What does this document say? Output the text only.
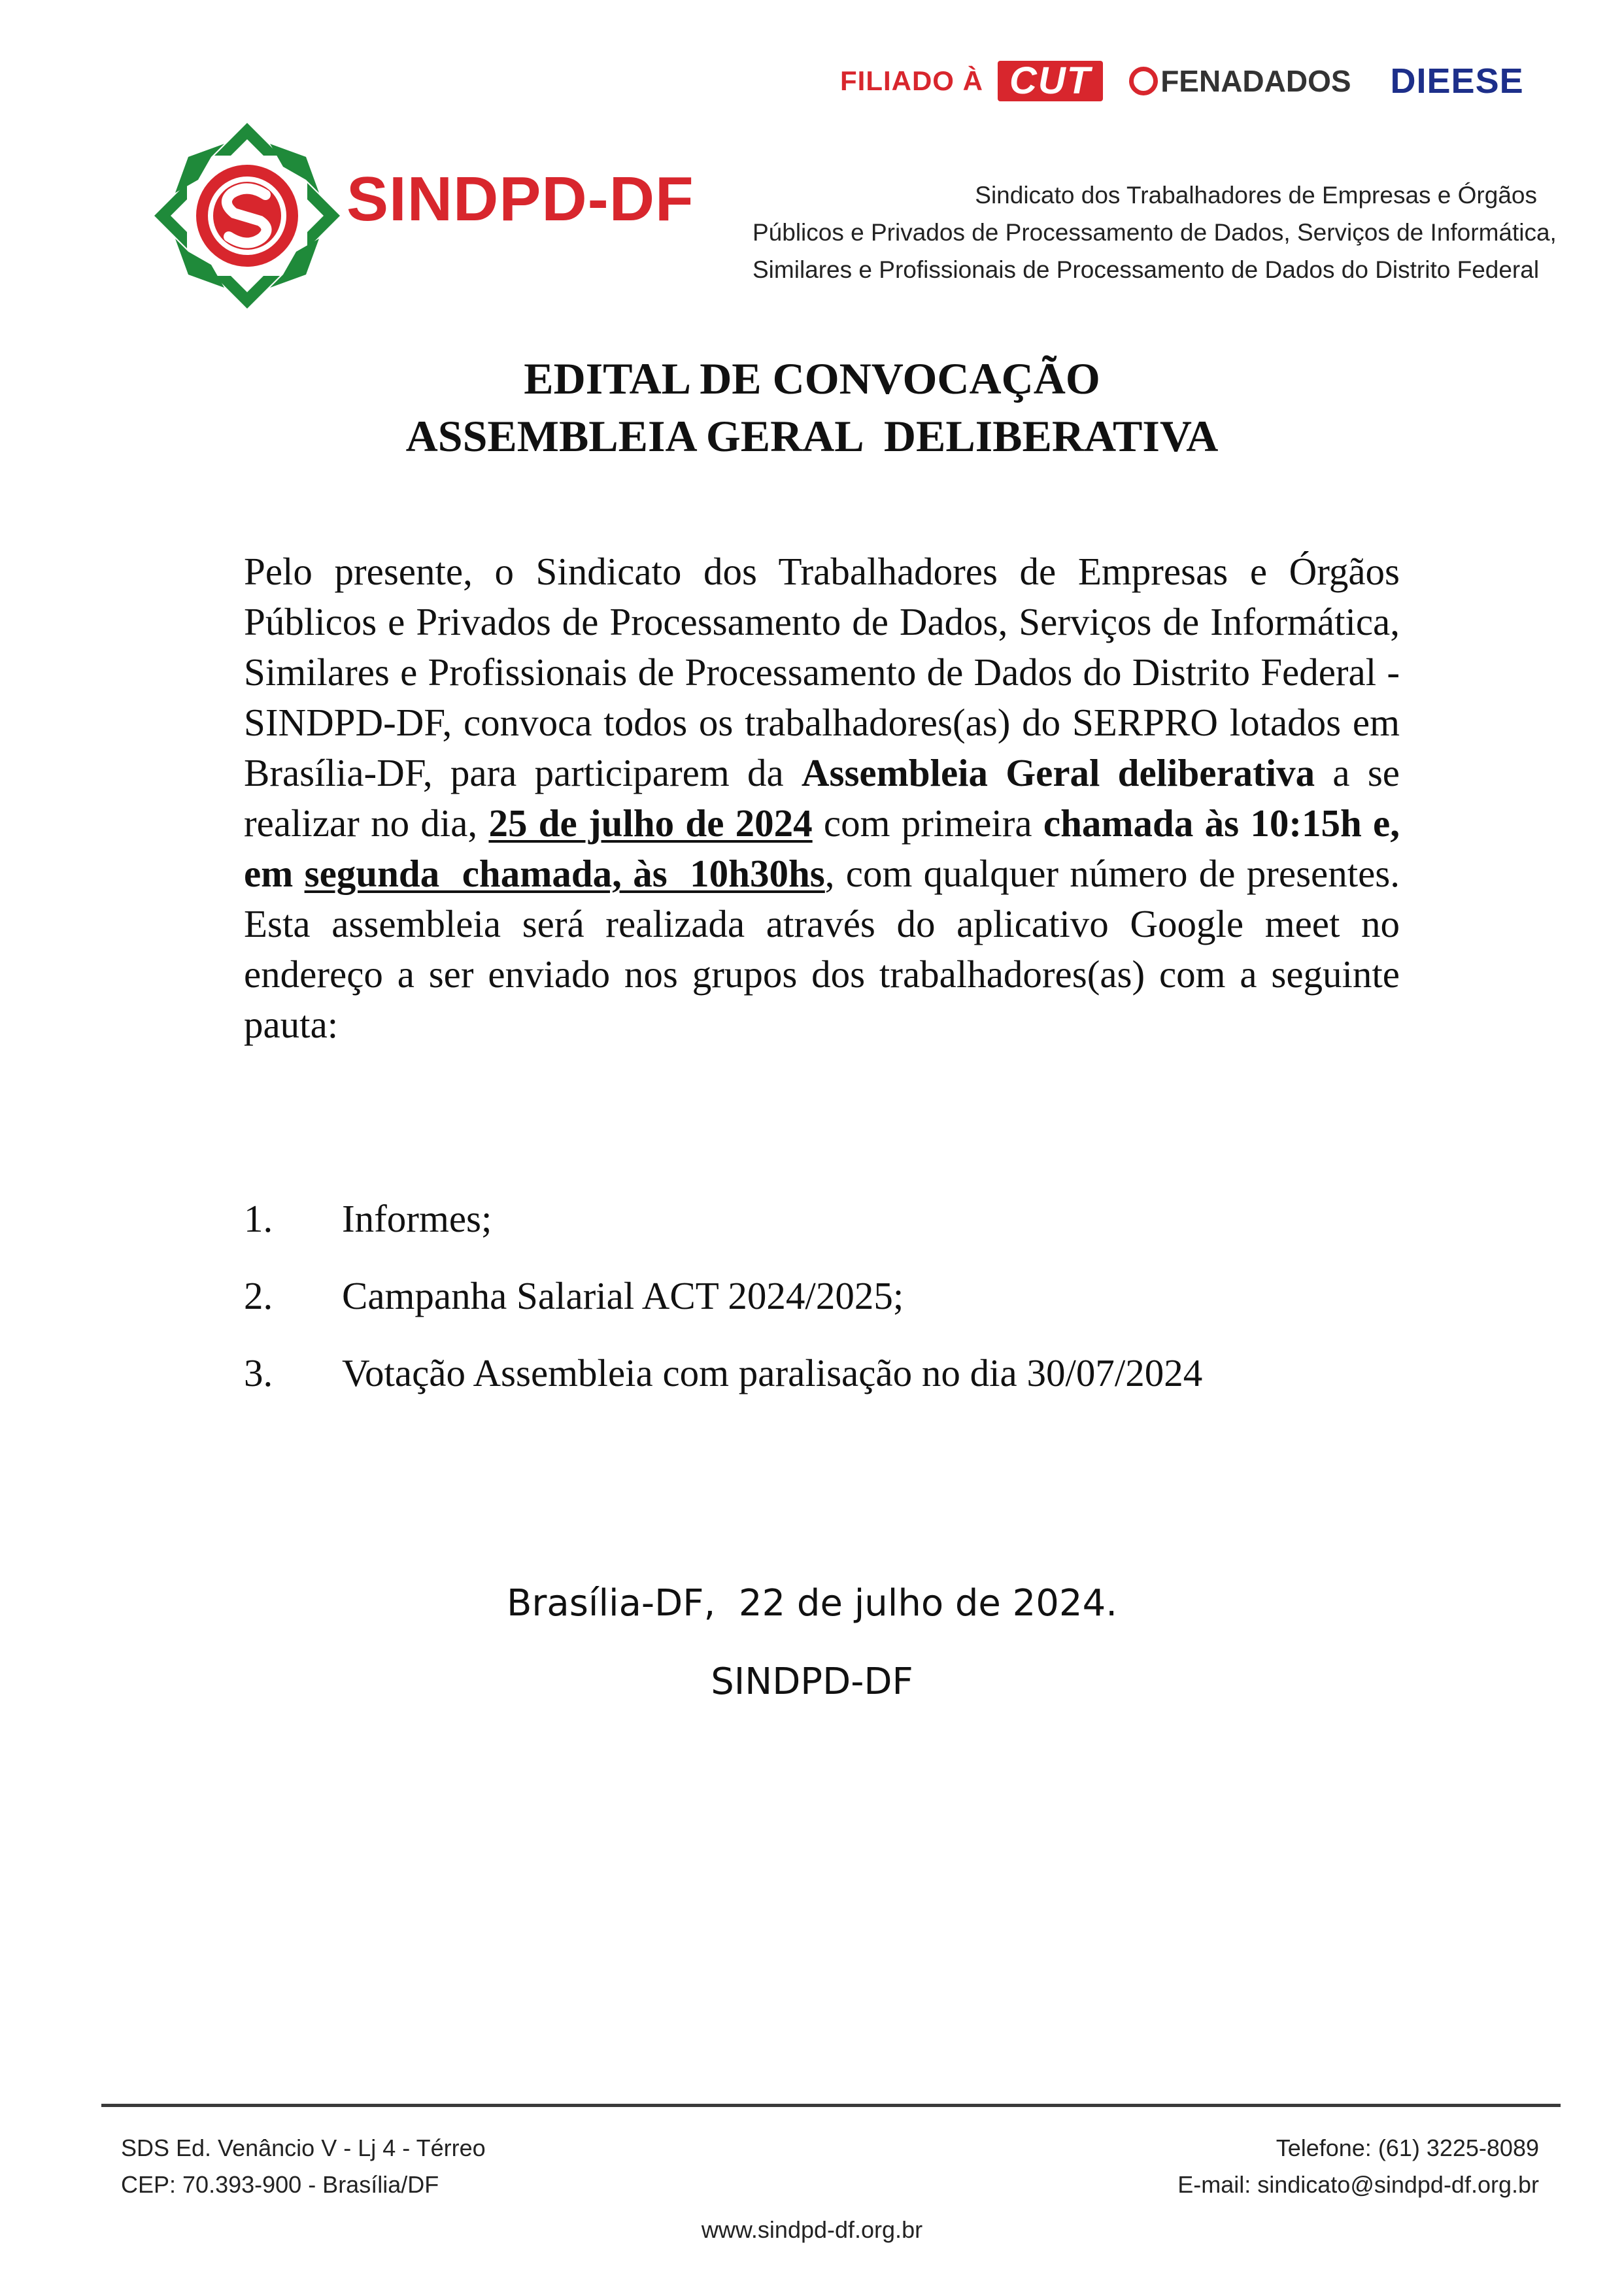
FILIADO À CUT	FENADADOS DIEESE
SINDPD-DF	Sindicato dos Trabalhadores de Empresas e Órgãos
Públicos e Privados de Processamento de Dados, Serviços de Informática,
Similares e Profissionais de Processamento de Dados do Distrito Federal
EDITAL DE CONVOCAÇÃO
ASSEMBLEIA GERAL  DELIBERATIVA
Pelo presente, o Sindicato dos Trabalhadores de Empresas e Órgãos Públicos e Privados de Processamento de Dados, Serviços de Informática, Similares e Profissionais de Processamento de Dados do Distrito Federal - SINDPD-DF, convoca todos os trabalhadores(as) do SERPRO lotados em Brasília-DF, para participarem da Assembleia Geral deliberativa a se realizar no dia, 25 de julho de 2024 com primeira chamada às 10:15h e, em segunda  chamada, às  10h30hs, com qualquer número de presentes. Esta assembleia será realizada através do aplicativo Google meet no endereço a ser enviado nos grupos dos trabalhadores(as) com a seguinte pauta:
1.	Informes;
2.	Campanha Salarial ACT 2024/2025;
3.	Votação Assembleia com paralisação no dia 30/07/2024
Brasília-DF,  22 de julho de 2024.
SINDPD-DF
SDS Ed. Venâncio V - Lj 4 - Térreo
CEP: 70.393-900 - Brasília/DF
Telefone: (61) 3225-8089
E-mail: sindicato@sindpd-df.org.br
www.sindpd-df.org.br
